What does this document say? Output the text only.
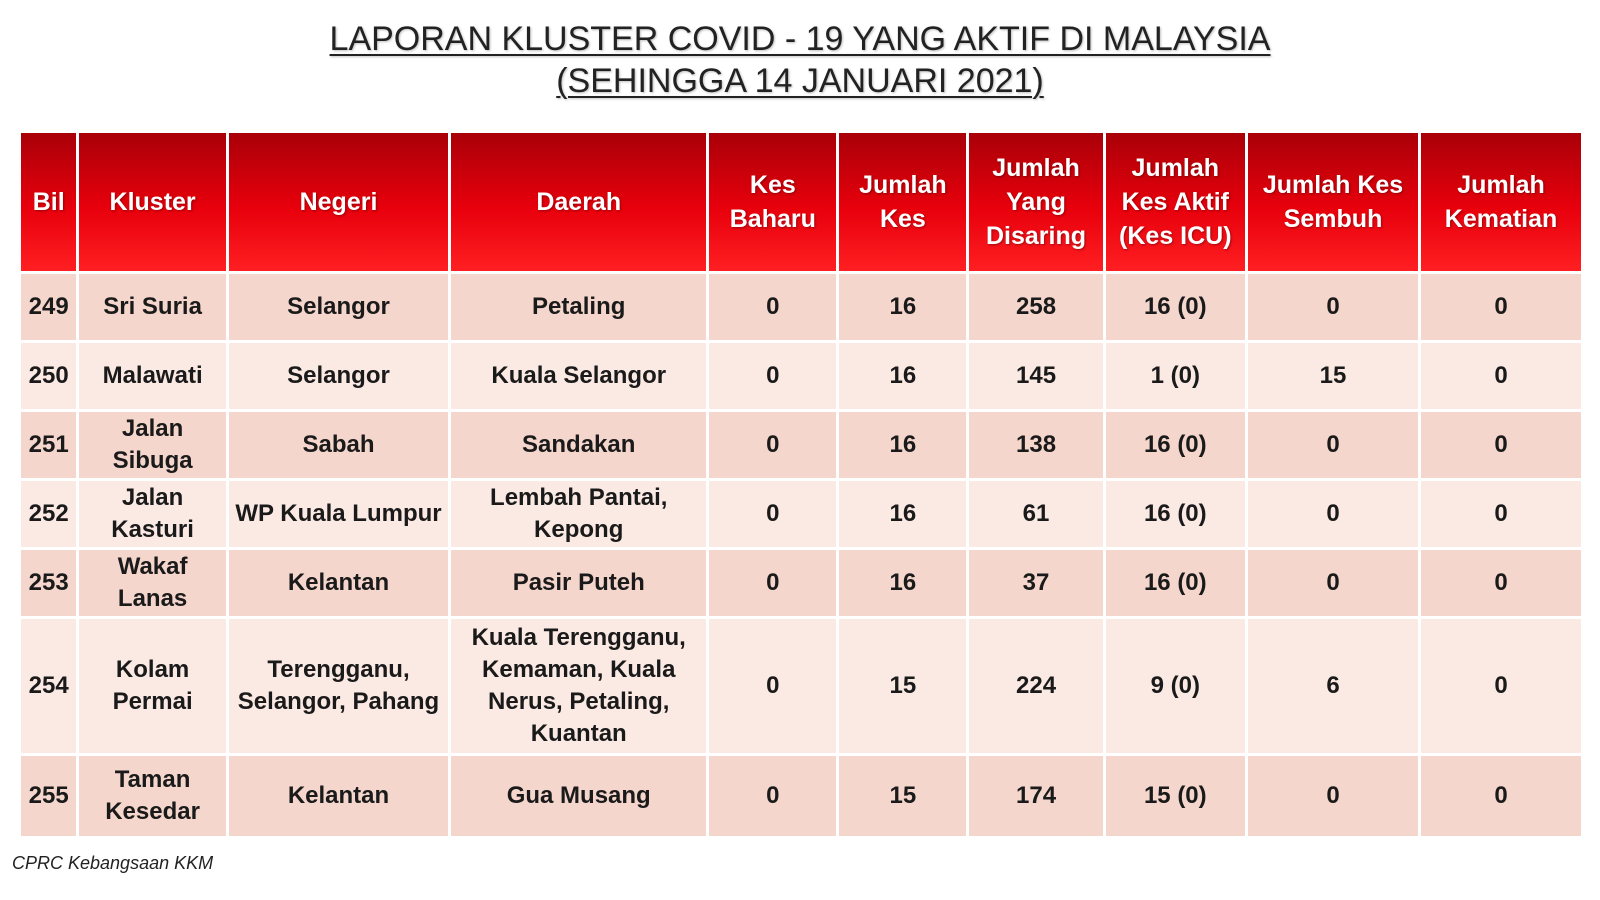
LAPORAN KLUSTER COVID - 19 YANG AKTIF DI MALAYSIA
(SEHINGGA 14 JANUARI 2021)
Bil	Kluster	Negeri	Daerah	Kes Baharu	Jumlah Kes	Jumlah Yang Disaring	Jumlah Kes Aktif (Kes ICU)	Jumlah Kes Sembuh	Jumlah Kematian
249	Sri Suria	Selangor	Petaling	0	16	258	16 (0)	0	0
250	Malawati	Selangor	Kuala Selangor	0	16	145	1 (0)	15	0
251	Jalan Sibuga	Sabah	Sandakan	0	16	138	16 (0)	0	0
252	Jalan Kasturi	WP Kuala Lumpur	Lembah Pantai, Kepong	0	16	61	16 (0)	0	0
253	Wakaf Lanas	Kelantan	Pasir Puteh	0	16	37	16 (0)	0	0
254	Kolam Permai	Terengganu, Selangor, Pahang	Kuala Terengganu, Kemaman, Kuala Nerus, Petaling, Kuantan	0	15	224	9 (0)	6	0
255	Taman Kesedar	Kelantan	Gua Musang	0	15	174	15 (0)	0	0
CPRC Kebangsaan KKM
